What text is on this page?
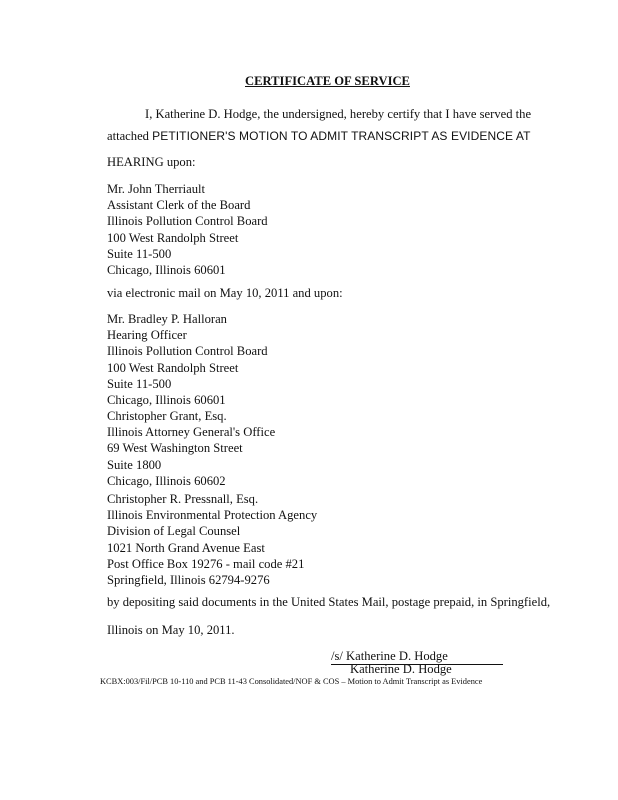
CERTIFICATE OF SERVICE
I, Katherine D. Hodge, the undersigned, hereby certify that I have served the
attached PETITIONER'S MOTION TO ADMIT TRANSCRIPT AS EVIDENCE AT
HEARING upon:
Mr. John Therriault
Assistant Clerk of the Board
Illinois Pollution Control Board
100 West Randolph Street
Suite 11-500
Chicago, Illinois 60601
via electronic mail on May 10, 2011 and upon:
Mr. Bradley P. Halloran
Hearing Officer
Illinois Pollution Control Board
100 West Randolph Street
Suite 11-500
Chicago, Illinois 60601
Christopher Grant, Esq.
Illinois Attorney General's Office
69 West Washington Street
Suite 1800
Chicago, Illinois 60602
Christopher R. Pressnall, Esq.
Illinois Environmental Protection Agency
Division of Legal Counsel
1021 North Grand Avenue East
Post Office Box 19276 - mail code #21
Springfield, Illinois 62794-9276
by depositing said documents in the United States Mail, postage prepaid, in Springfield,
Illinois on May 10, 2011.
/s/ Katherine D. Hodge
Katherine D. Hodge
KCBX:003/Fil/PCB 10-110 and PCB 11-43 Consolidated/NOF & COS – Motion to Admit Transcript as Evidence
